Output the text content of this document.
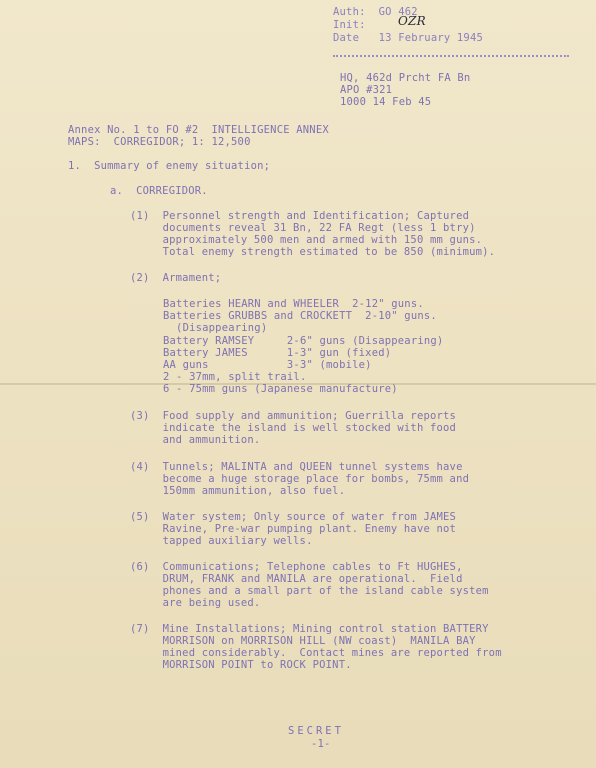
Auth:  GO 462
Init:	OZR
Date   13 February 1945
HQ, 462d Prcht FA Bn
APO #321
1000 14 Feb 45
Annex No. 1 to FO #2  INTELLIGENCE ANNEX
MAPS:  CORREGIDOR; 1: 12,500
1.  Summary of enemy situation;
a.  CORREGIDOR.
(1)  Personnel strength and Identification; Captured
documents reveal 31 Bn, 22 FA Regt (less 1 btry)
approximately 500 men and armed with 150 mm guns.
Total enemy strength estimated to be 850 (minimum).
(2)  Armament;
Batteries HEARN and WHEELER  2-12" guns.
Batteries GRUBBS and CROCKETT  2-10" guns.
(Disappearing)
Battery RAMSEY     2-6" guns (Disappearing)
Battery JAMES      1-3" gun (fixed)
AA guns            3-3" (mobile)
2 - 37mm, split trail.
6 - 75mm guns (Japanese manufacture)
(3)  Food supply and ammunition; Guerrilla reports
indicate the island is well stocked with food
and ammunition.
(4)  Tunnels; MALINTA and QUEEN tunnel systems have
become a huge storage place for bombs, 75mm and
150mm ammunition, also fuel.
(5)  Water system; Only source of water from JAMES
Ravine, Pre-war pumping plant. Enemy have not
tapped auxiliary wells.
(6)  Communications; Telephone cables to Ft HUGHES,
DRUM, FRANK and MANILA are operational.  Field
phones and a small part of the island cable system
are being used.
(7)  Mine Installations; Mining control station BATTERY
MORRISON on MORRISON HILL (NW coast)  MANILA BAY
mined considerably.  Contact mines are reported from
MORRISON POINT to ROCK POINT.
SECRET
-1-
